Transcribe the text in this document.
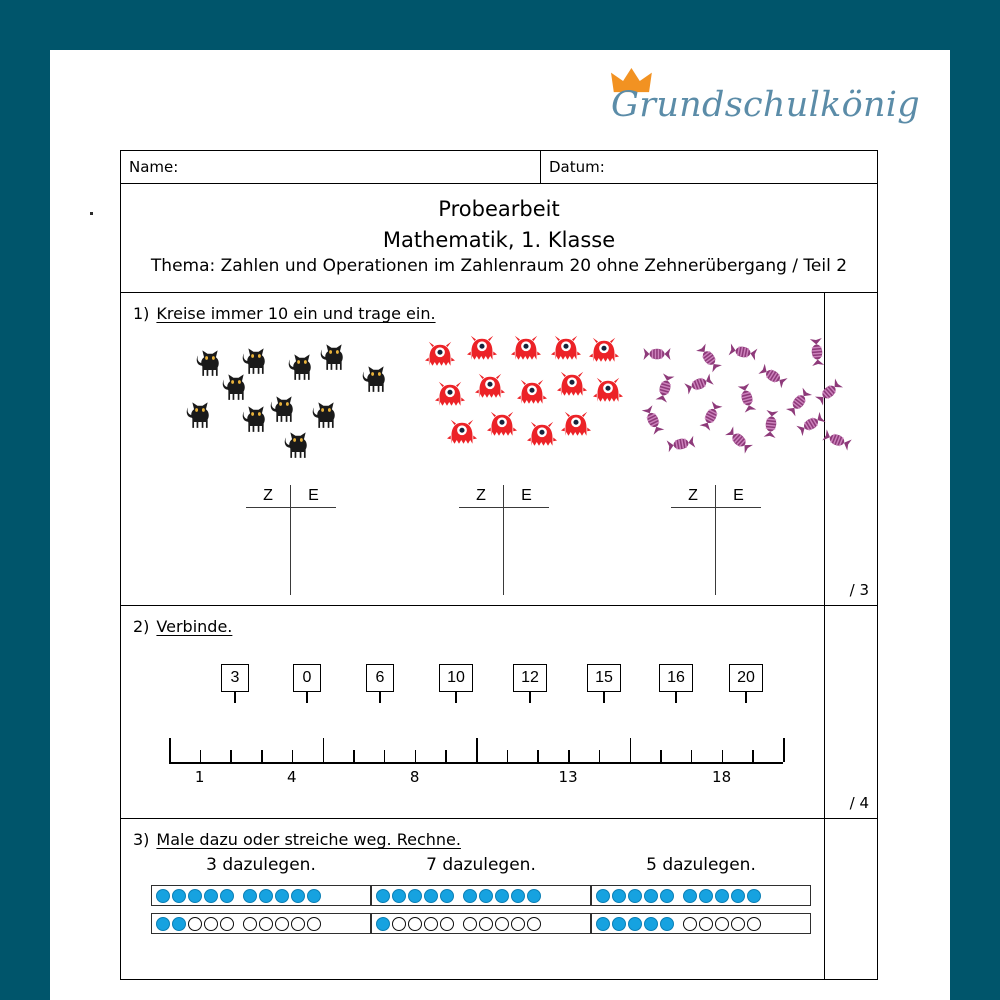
Grundschulkönig
Name:	Datum:
Probearbeit
Mathematik, 1. Klasse
Thema: Zahlen und Operationen im Zahlenraum 20 ohne Zehnerübergang / Teil 2
1) Kreise immer 10 ein und trage ein.
Z	E	Z	E	Z	E
/ 3
2) Verbinde.
3	0	6	10	12	15	16	20
1	4	8	13	18
/ 4
3) Male dazu oder streiche weg. Rechne.
3 dazulegen.	7 dazulegen.	5 dazulegen.
